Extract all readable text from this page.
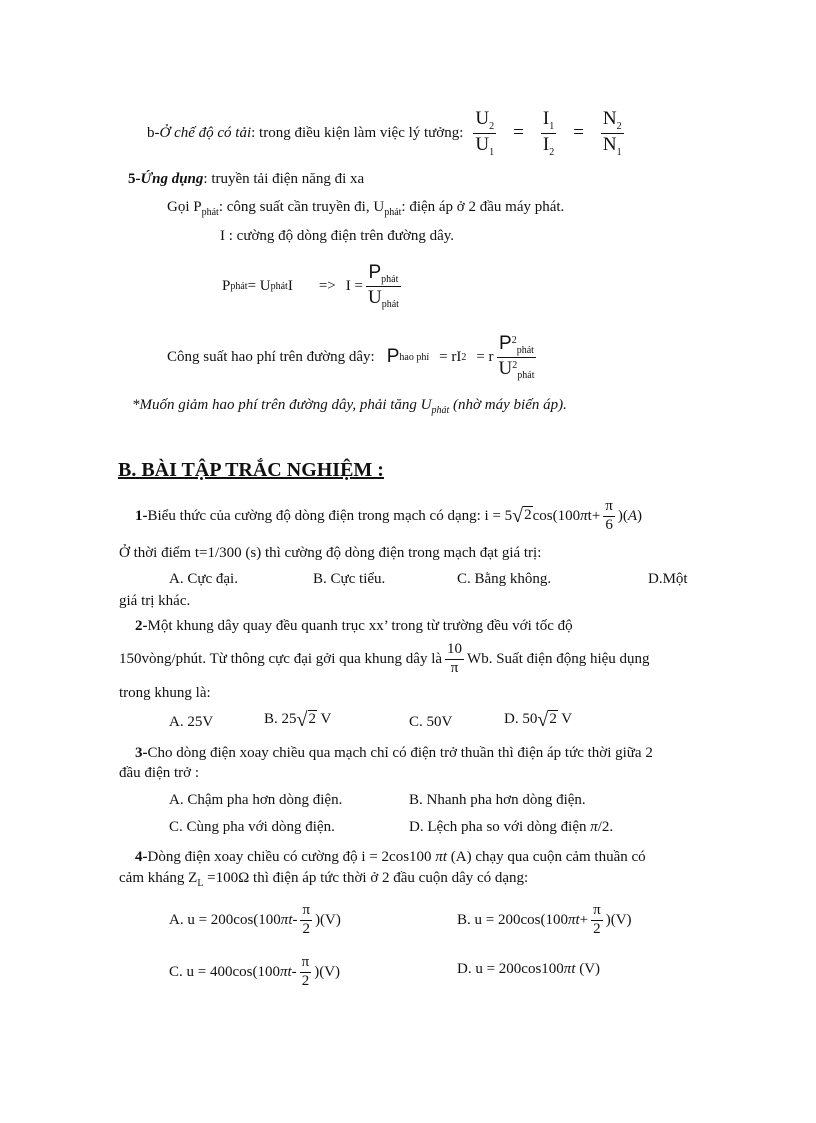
b- Ở chế độ có tải : trong điều kiện làm việc lý tưởng: $\frac{U_2}{U_1} = \frac{I_1}{I_2} = \frac{N_2}{N_1}$
5-Ứng dụng: truyền tải điện năng đi xa
Gọi $P_{phát}$: công suất cần truyền đi, $U_{phát}$: điện áp ở 2 đầu máy phát.
I : cường độ dòng điện trên đường dây.
P phát = U phát $I => I = \frac{P_{phát}}{U_{phát}}$
Công suất hao phí trên đường dây: P hao phí = rI 2 = r $\frac{P^2_{phát}}{U^2_{phát}}$
*Muốn giảm hao phí trên đường dây, phải tăng $U_{phát}$ (nhờ máy biến áp).
B. BÀI TẬP TRẮC NGHIỆM :
1- Biểu thức của cường độ dòng điện trong mạch có dạng: i = 5 √2 cos(100 π $t+ \frac{\pi}{6}$ )( A )
Ở thời điểm t=1/300 (s) thì cường độ dòng điện trong mạch đạt giá trị:
A. Cực đại.	B. Cực tiểu.	C. Bằng không.	D.Một
giá trị khác.
2-Một khung dây quay đều quanh trục xx’ trong từ trường đều với tốc độ
150vòng/phút. Từ thông cực đại gởi qua khung dây là $\frac{10}{\pi} Wb$. Suất điện động hiệu dụng
trong khung là:
A. 25V	B. 25√2 V	C. 50V	D. 50√2 V
3-Cho dòng điện xoay chiều qua mạch chỉ có điện trở thuần thì điện áp tức thời giữa 2
đầu điện trở :
A. Chậm pha hơn dòng điện.	B. Nhanh pha hơn dòng điện.
C. Cùng pha với dòng điện.	D. Lệch pha so với dòng điện π/2.
4-Dòng điện xoay chiều có cường độ i = 2cos100 πt (A) chạy qua cuộn cảm thuần có
cảm kháng $Z_L =100\Omega$ thì điện áp tức thời ở 2 đầu cuộn dây có dạng:
A. u = 200cos(100 π t - $\frac{\pi}{2} )(V)$	B. u = 200cos(100 π $t + \frac{\pi}{2} )(V)$
C. u = 400cos(100 π t - $\frac{\pi}{2} )(V)$	D. u = 200cos100πt (V)
